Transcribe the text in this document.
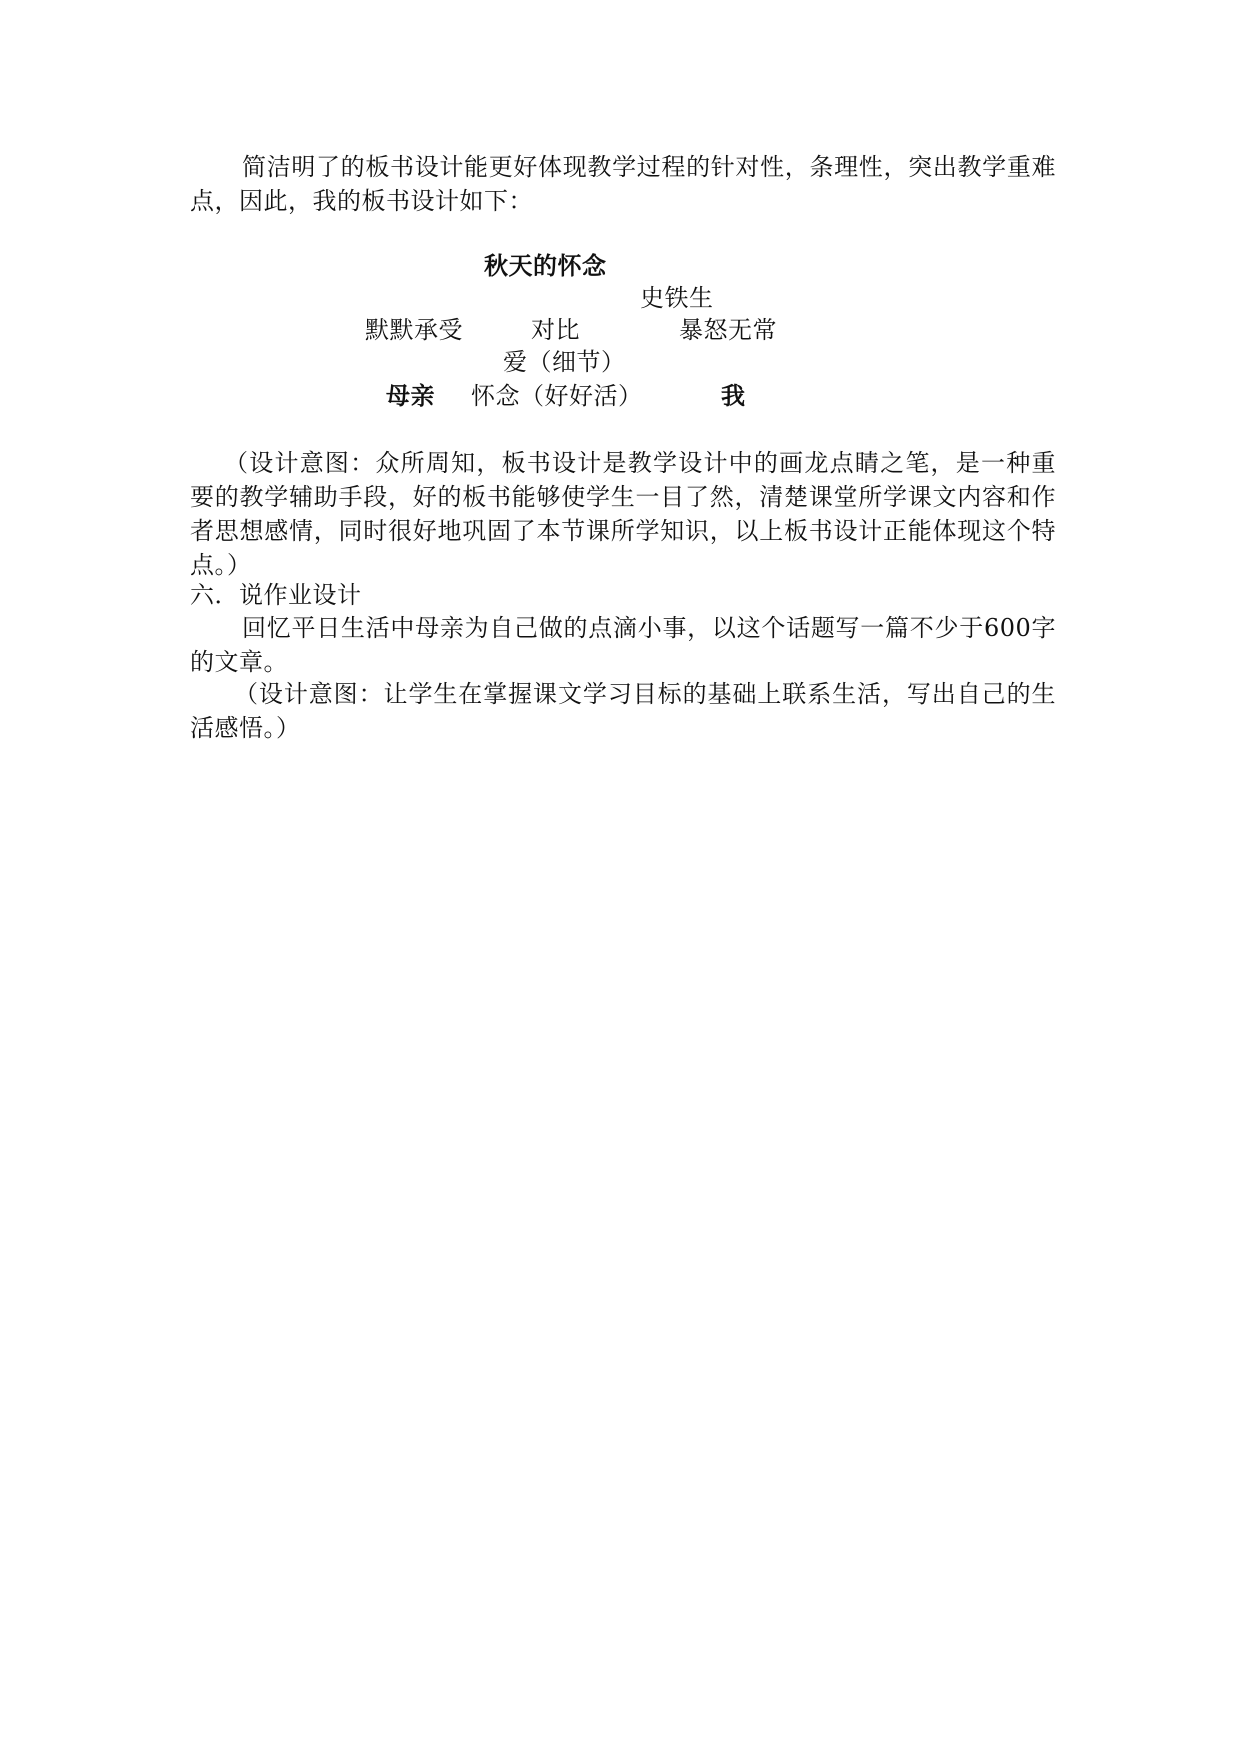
简洁明了的板书设计能更好体现教学过程的针对性，条理性，突出教学重难点，因此，我的板书设计如下：

秋天的怀念
史铁生
默默承受	对比	暴怒无常
爱（细节）
母亲 怀念（好好活）	我

（设计意图：众所周知，板书设计是教学设计中的画龙点睛之笔，是一种重要的教学辅助手段，好的板书能够使学生一目了然，清楚课堂所学课文内容和作者思想感情，同时很好地巩固了本节课所学知识，以上板书设计正能体现这个特点。）

六．说作业设计

回忆平日生活中母亲为自己做的点滴小事，以这个话题写一篇不少于600字的文章。

（设计意图：让学生在掌握课文学习目标的基础上联系生活，写出自己的生活感悟。）
